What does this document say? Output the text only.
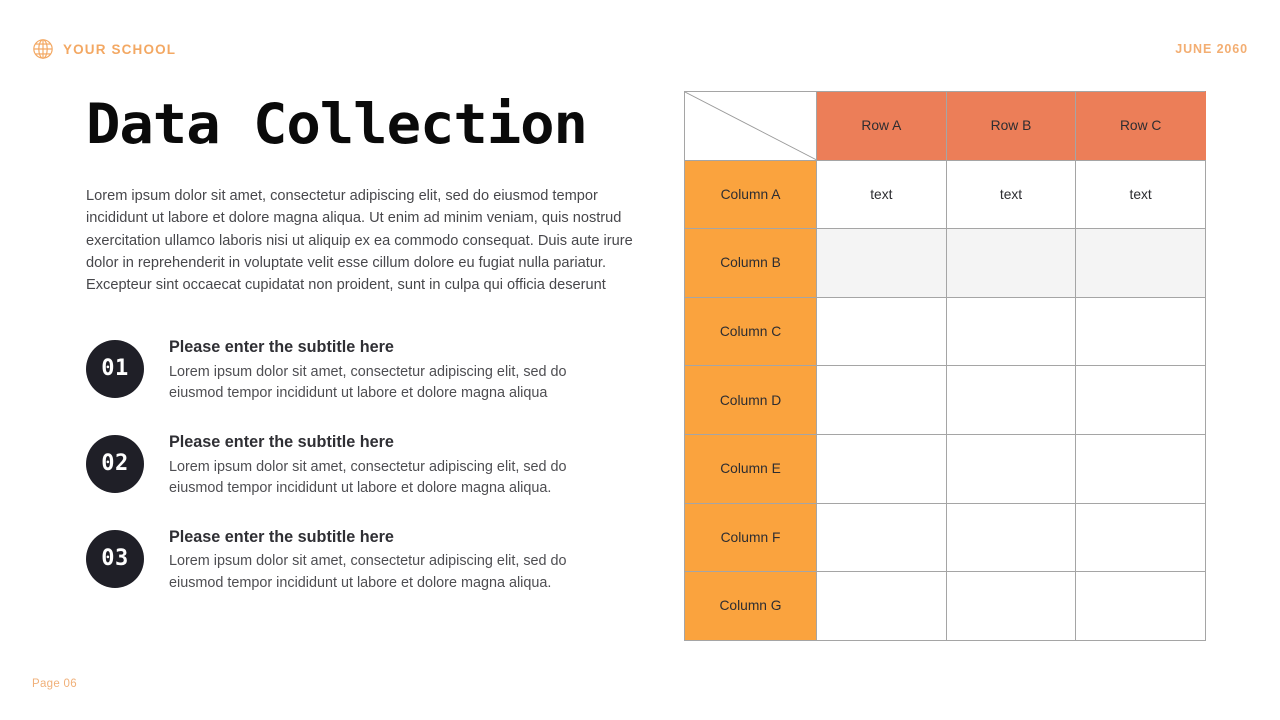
YOUR SCHOOL	JUNE 2060
Data Collection

Lorem ipsum dolor sit amet, consectetur adipiscing elit, sed do eiusmod tempor incididunt ut labore et dolore magna aliqua. Ut enim ad minim veniam, quis nostrud exercitation ullamco laboris nisi ut aliquip ex ea commodo consequat. Duis aute irure dolor in reprehenderit in voluptate velit esse cillum dolore eu fugiat nulla pariatur. Excepteur sint occaecat cupidatat non proident, sunt in culpa qui officia deserunt

01
Please enter the subtitle here
Lorem ipsum dolor sit amet, consectetur adipiscing elit, sed do eiusmod tempor incididunt ut labore et dolore magna aliqua
02
Please enter the subtitle here
Lorem ipsum dolor sit amet, consectetur adipiscing elit, sed do eiusmod tempor incididunt ut labore et dolore magna aliqua.
03
Please enter the subtitle here
Lorem ipsum dolor sit amet, consectetur adipiscing elit, sed do eiusmod tempor incididunt ut labore et dolore magna aliqua.
	Row A	Row B	Row C
Column A	text	text	text
Column B			
Column C			
Column D			
Column E			
Column F			
Column G			
Page 06
